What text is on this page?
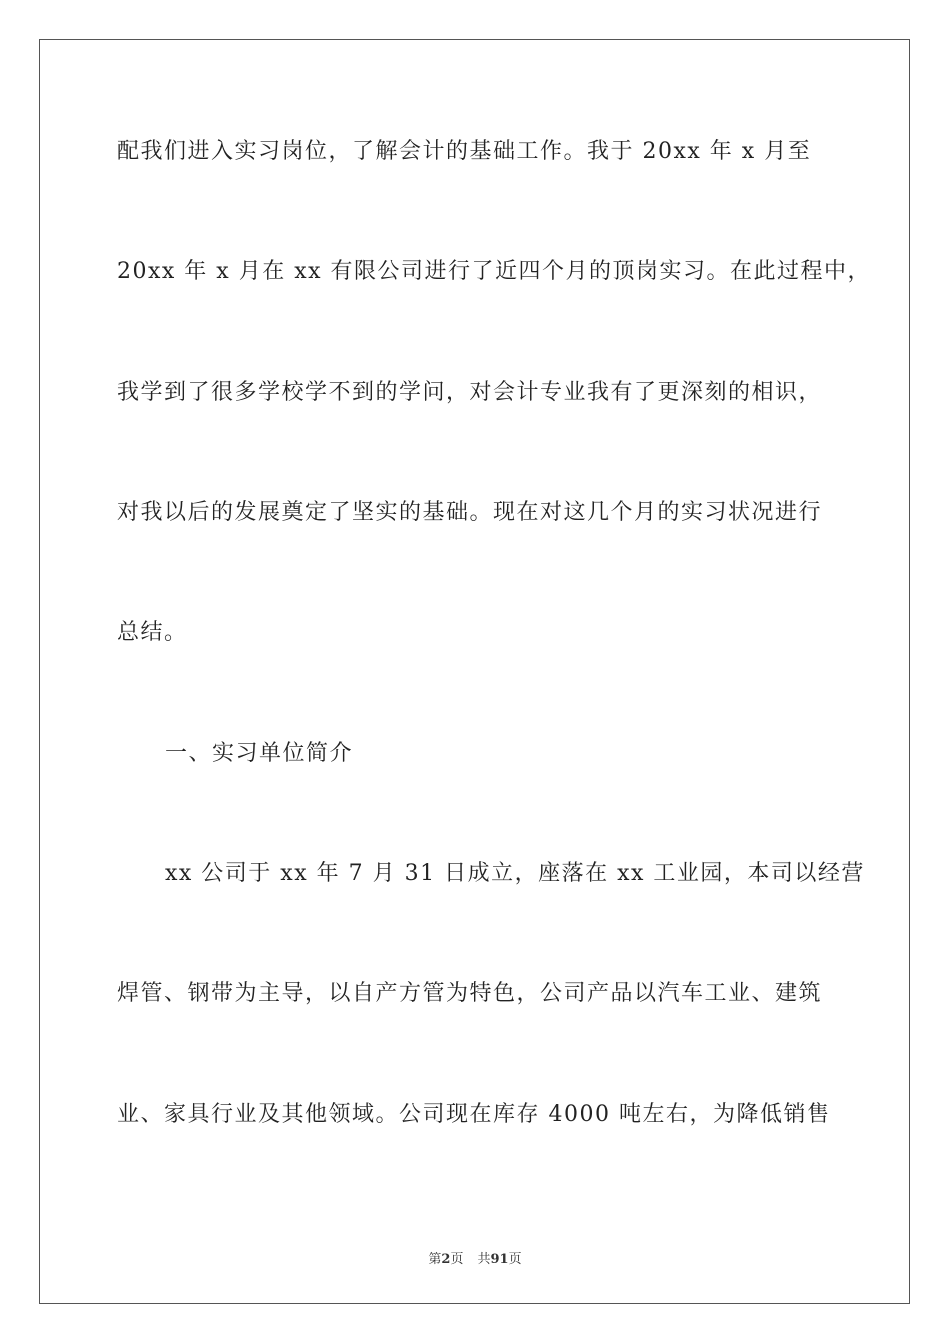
配我们进入实习岗位，了解会计的基础工作。我于 20xx 年 x 月至
20xx 年 x 月在 xx 有限公司进行了近四个月的顶岗实习。在此过程中，
我学到了很多学校学不到的学问，对会计专业我有了更深刻的相识，
对我以后的发展奠定了坚实的基础。现在对这几个月的实习状况进行
总结。
一、实习单位简介
xx 公司于 xx 年 7 月 31 日成立，座落在 xx 工业园，本司以经营
焊管、钢带为主导，以自产方管为特色，公司产品以汽车工业、建筑
业、家具行业及其他领域。公司现在库存 4000 吨左右，为降低销售
第2页 共91页
